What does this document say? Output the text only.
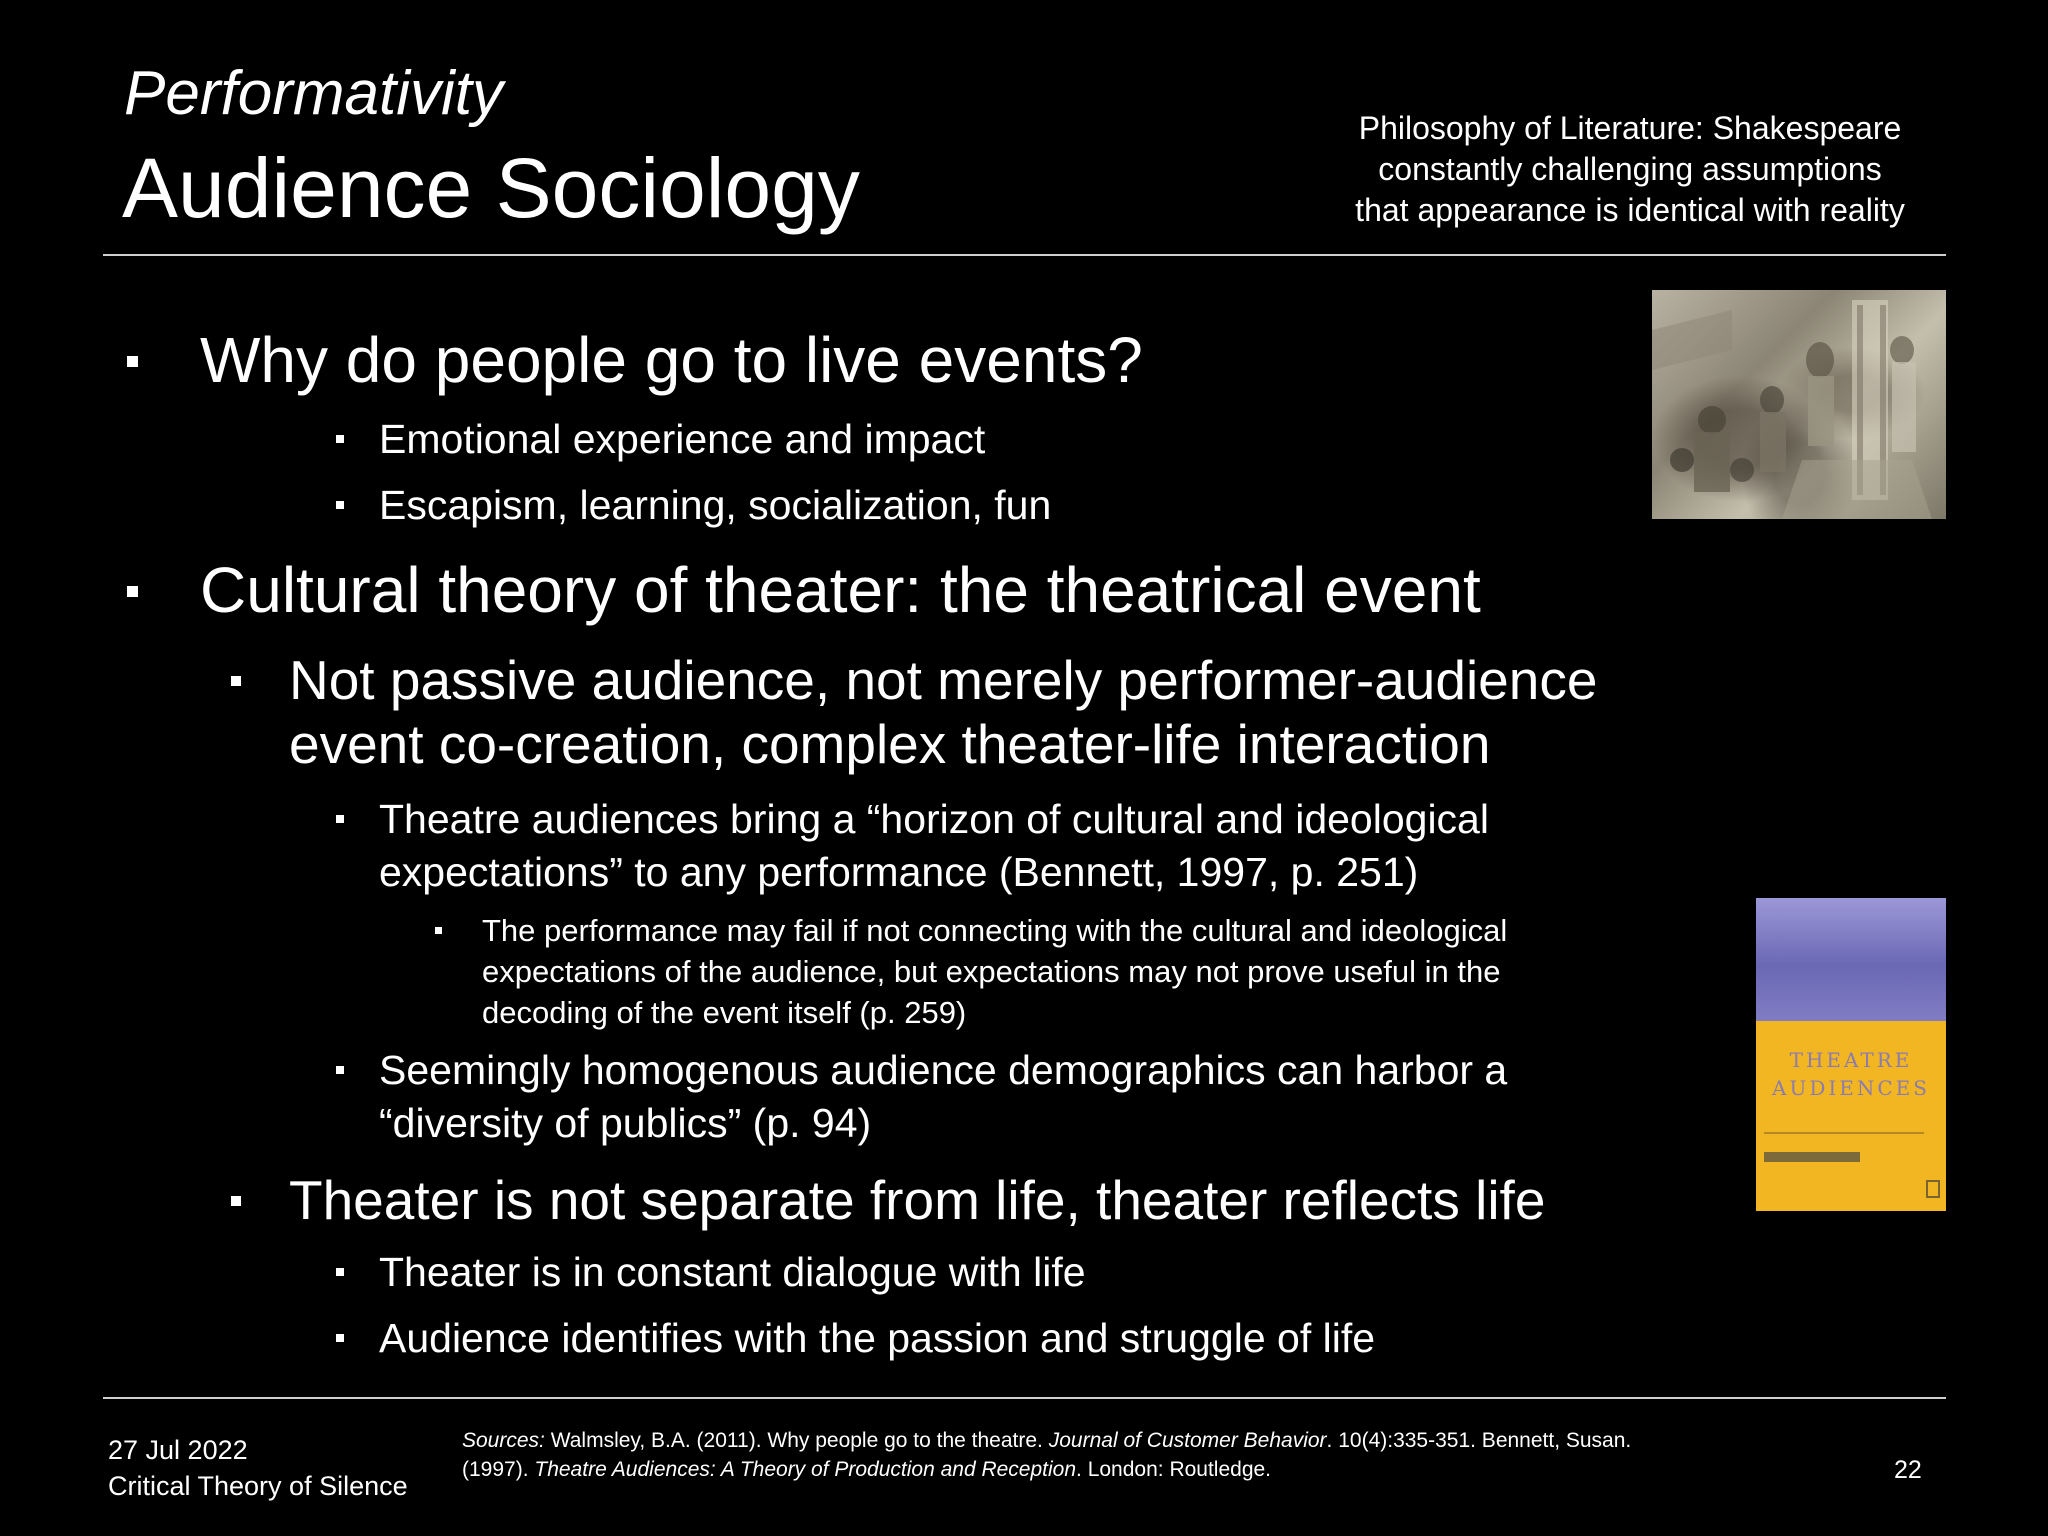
Performativity
Audience Sociology
Philosophy of Literature: Shakespeare
constantly challenging assumptions
that appearance is identical with reality
Why do people go to live events?
Emotional experience and impact
Escapism, learning, socialization, fun
Cultural theory of theater: the theatrical event
Not passive audience, not merely performer-audience
event co-creation, complex theater-life interaction
Theatre audiences bring a “horizon of cultural and ideological
expectations” to any performance (Bennett, 1997, p. 251)
The performance may fail if not connecting with the cultural and ideological
expectations of the audience, but expectations may not prove useful in the
decoding of the event itself (p. 259)
Seemingly homogenous audience demographics can harbor a
“diversity of publics” (p. 94)
Theater is not separate from life, theater reflects life
Theater is in constant dialogue with life
Audience identifies with the passion and struggle of life
THEATRE
AUDIENCES
27 Jul 2022
Critical Theory of Silence
Sources: Walmsley, B.A. (2011). Why people go to the theatre. Journal of Customer Behavior. 10(4):335-351. Bennett, Susan.
(1997). Theatre Audiences: A Theory of Production and Reception. London: Routledge.	22
